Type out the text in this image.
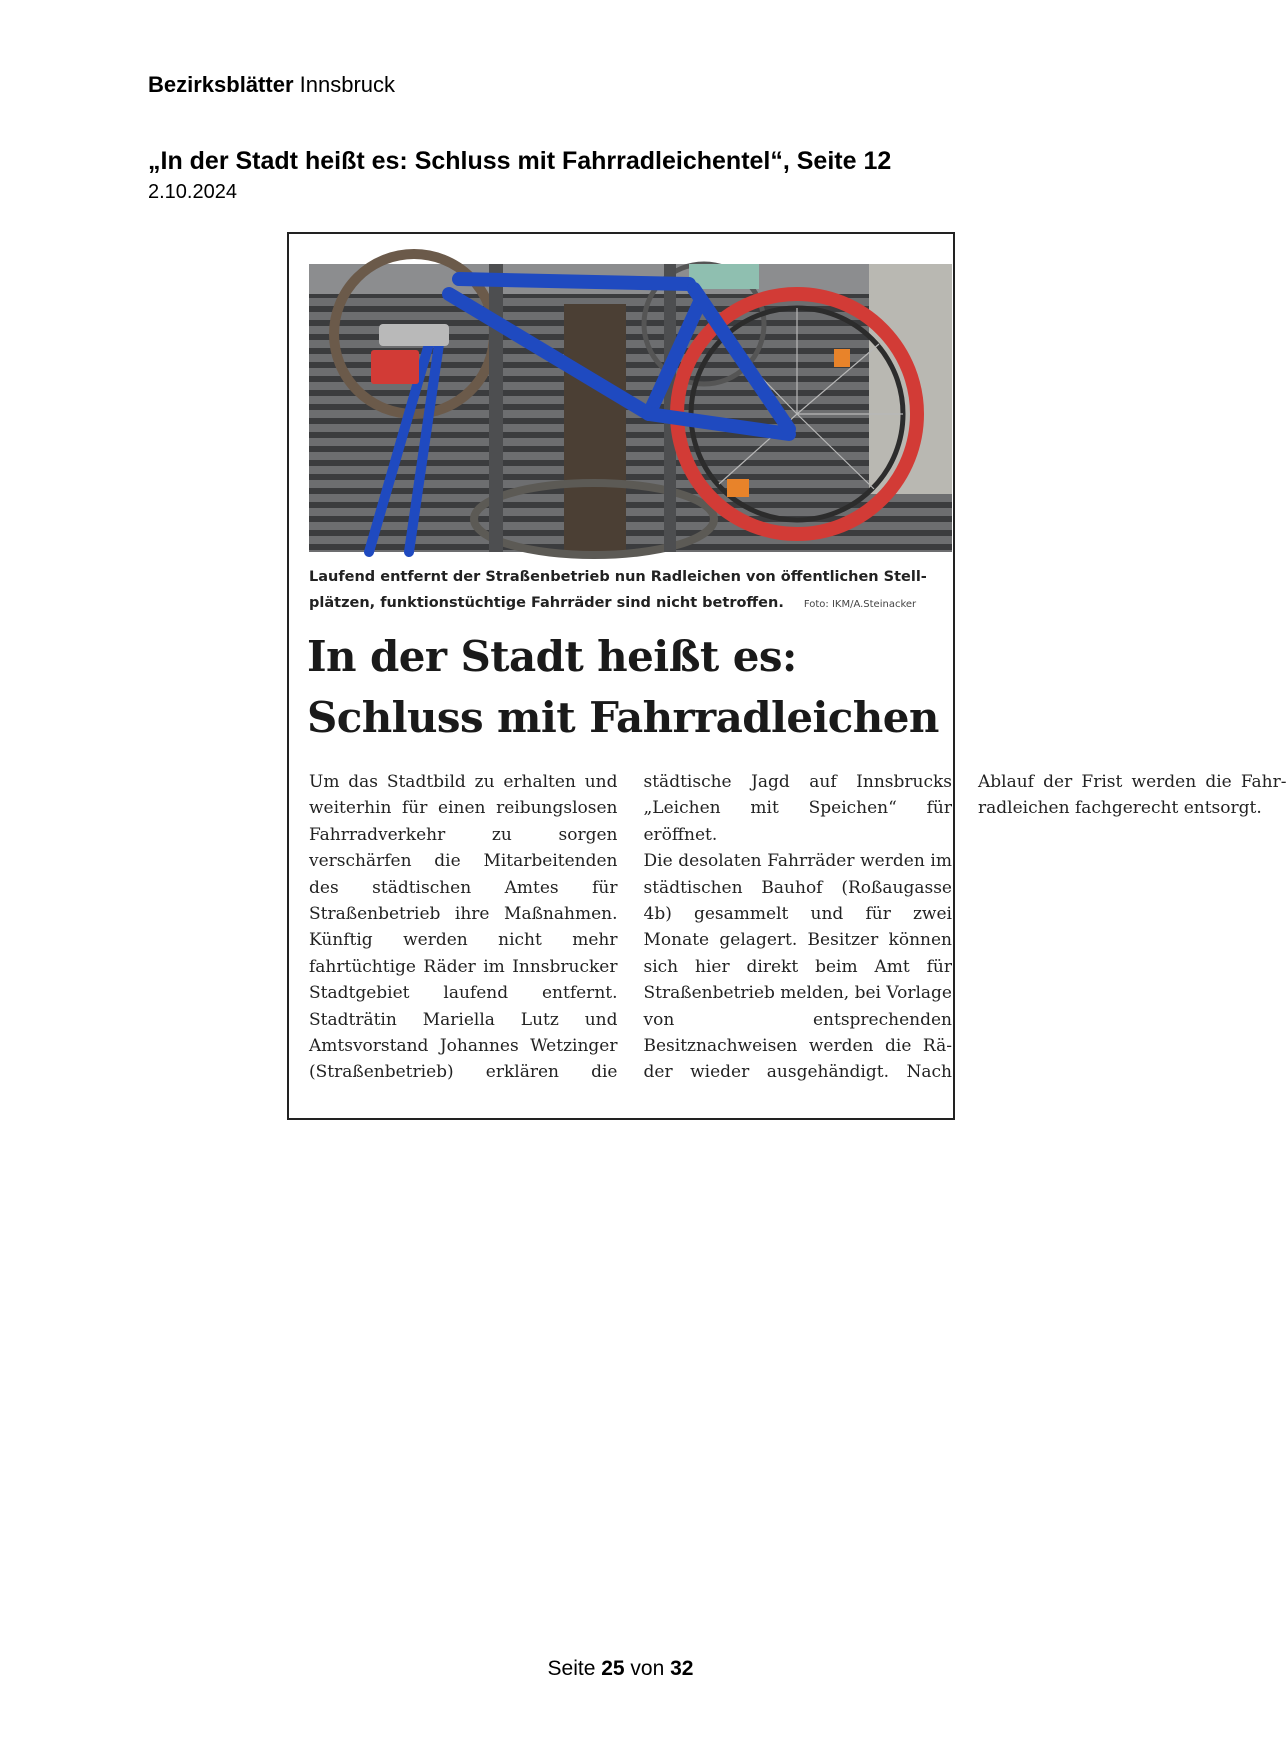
Bezirksblätter Innsbruck
„In der Stadt heißt es: Schluss mit Fahrradleichentel“, Seite 12
2.10.2024
Laufend entfernt der Straßenbetrieb nun Radleichen von öffentlichen Stell-
plätzen, funktionstüchtige Fahrräder sind nicht betroffen. Foto: IKM/A.Steinacker
In der Stadt heißt es:
Schluss mit Fahrradleichen

Um das Stadtbild zu erhalten und weiterhin für einen reibungslosen Fahrradverkehr zu sorgen verschärfen die Mitarbeitenden des städtischen Amtes für Straßenbetrieb ihre Maßnahmen. Künftig werden nicht mehr fahrtüchtige Räder im Innsbrucker Stadtgebiet laufend entfernt. Stadträtin Mariella Lutz und Amtsvorstand Johannes Wetzinger (Straßenbetrieb) erklären die städtische Jagd auf Innsbrucks „Leichen mit Speichen“ für eröffnet.

Die desolaten Fahrräder werden im städtischen Bauhof (Roßaugasse 4b) gesammelt und für zwei Monate gelagert. Besitzer können sich hier direkt beim Amt für Straßenbetrieb melden, bei Vorlage von entsprechenden Besitznachweisen werden die Räder wieder ausgehändigt. Nach Ablauf der Frist werden die Fahrradleichen fachgerecht entsorgt.

Seite 25 von 32
